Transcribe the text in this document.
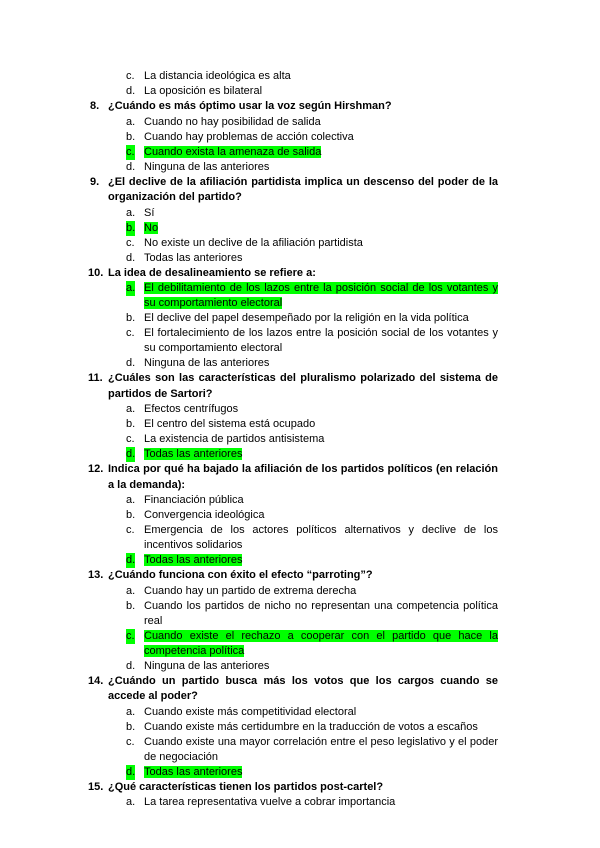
c. La distancia ideológica es alta
d. La oposición es bilateral
8. ¿Cuándo es más óptimo usar la voz según Hirshman?
a. Cuando no hay posibilidad de salida
b. Cuando hay problemas de acción colectiva
c. Cuando exista la amenaza de salida
d. Ninguna de las anteriores
9. ¿El declive de la afiliación partidista implica un descenso del poder de la organización del partido?
a. Sí
b. No
c. No existe un declive de la afiliación partidista
d. Todas las anteriores
10. La idea de desalineamiento se refiere a:
a. El debilitamiento de los lazos entre la posición social de los votantes y su comportamiento electoral
b. El declive del papel desempeñado por la religión en la vida política
c. El fortalecimiento de los lazos entre la posición social de los votantes y su comportamiento electoral
d. Ninguna de las anteriores
11. ¿Cuáles son las características del pluralismo polarizado del sistema de partidos de Sartori?
a. Efectos centrífugos
b. El centro del sistema está ocupado
c. La existencia de partidos antisistema
d. Todas las anteriores
12. Indica por qué ha bajado la afiliación de los partidos políticos (en relación a la demanda):
a. Financiación pública
b. Convergencia ideológica
c. Emergencia de los actores políticos alternativos y declive de los incentivos solidarios
d. Todas las anteriores
13. ¿Cuándo funciona con éxito el efecto “parroting”?
a. Cuando hay un partido de extrema derecha
b. Cuando los partidos de nicho no representan una competencia política real
c. Cuando existe el rechazo a cooperar con el partido que hace la competencia política
d. Ninguna de las anteriores
14. ¿Cuándo un partido busca más los votos que los cargos cuando se accede al poder?
a. Cuando existe más competitividad electoral
b. Cuando existe más certidumbre en la traducción de votos a escaños
c. Cuando existe una mayor correlación entre el peso legislativo y el poder de negociación
d. Todas las anteriores
15. ¿Qué características tienen los partidos post-cartel?
a. La tarea representativa vuelve a cobrar importancia
